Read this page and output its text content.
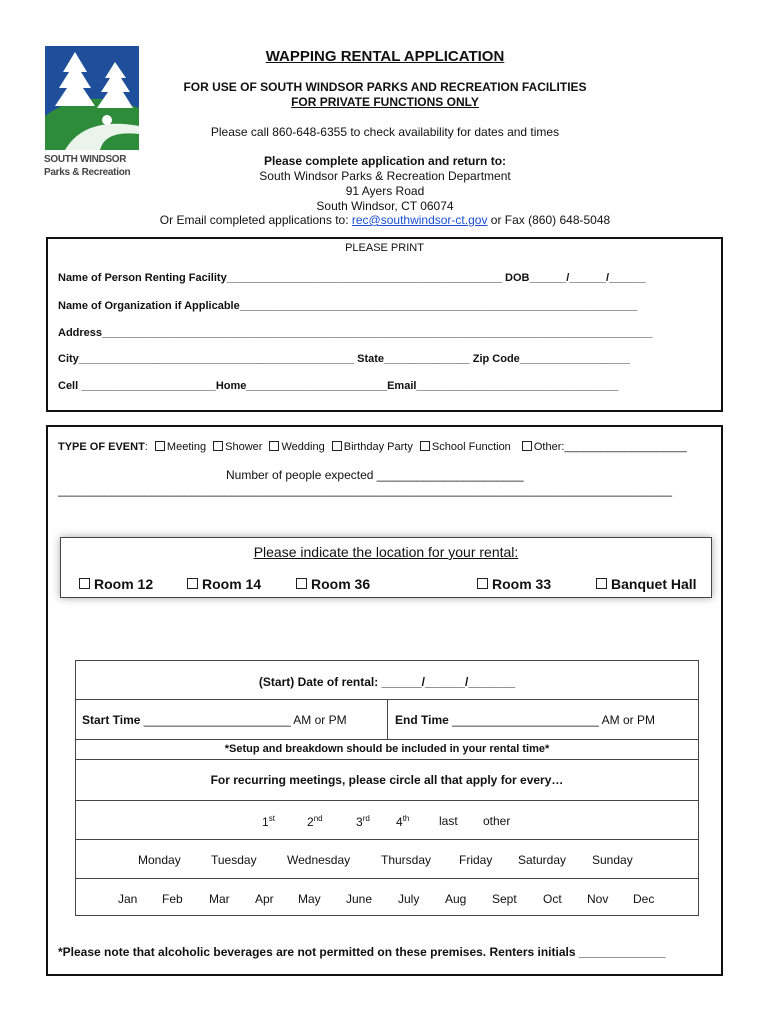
SOUTH WINDSOR
Parks & Recreation
WAPPING RENTAL APPLICATION
FOR USE OF SOUTH WINDSOR PARKS AND RECREATION FACILITIES
FOR PRIVATE FUNCTIONS ONLY
Please call 860-648-6355 to check availability for dates and times
Please complete application and return to:
South Windsor Parks & Recreation Department
91 Ayers Road
South Windsor, CT 06074
Or Email completed applications to: rec@southwindsor-ct.gov or Fax (860) 648-5048
PLEASE PRINT
Name of Person Renting Facility_____________________________________________ DOB______/______/______
Name of Organization if Applicable_________________________________________________________________
Address__________________________________________________________________________________________
City_____________________________________________ State______________ Zip Code__________________
Cell ______________________Home_______________________Email_________________________________
TYPE OF EVENT: Meeting Shower Wedding Birthday Party School Function Other:____________________
Number of people expected ______________________
____________________________________________________________________________________________
Please indicate the location for your rental:
Room 12	Room 14	Room 36	Room 33	Banquet Hall
(Start) Date of rental: ______/______/_______
Start Time ______________________ AM or PM	End Time ______________________ AM or PM
*Setup and breakdown should be included in your rental time*
For recurring meetings, please circle all that apply for every…
1st	2nd	3rd 4th last other
Monday	Tuesday	Wednesday	Thursday Friday Saturday Sunday
Jan Feb Mar Apr May June July Aug Sept Oct Nov Dec
*Please note that alcoholic beverages are not permitted on these premises. Renters initials _____________
